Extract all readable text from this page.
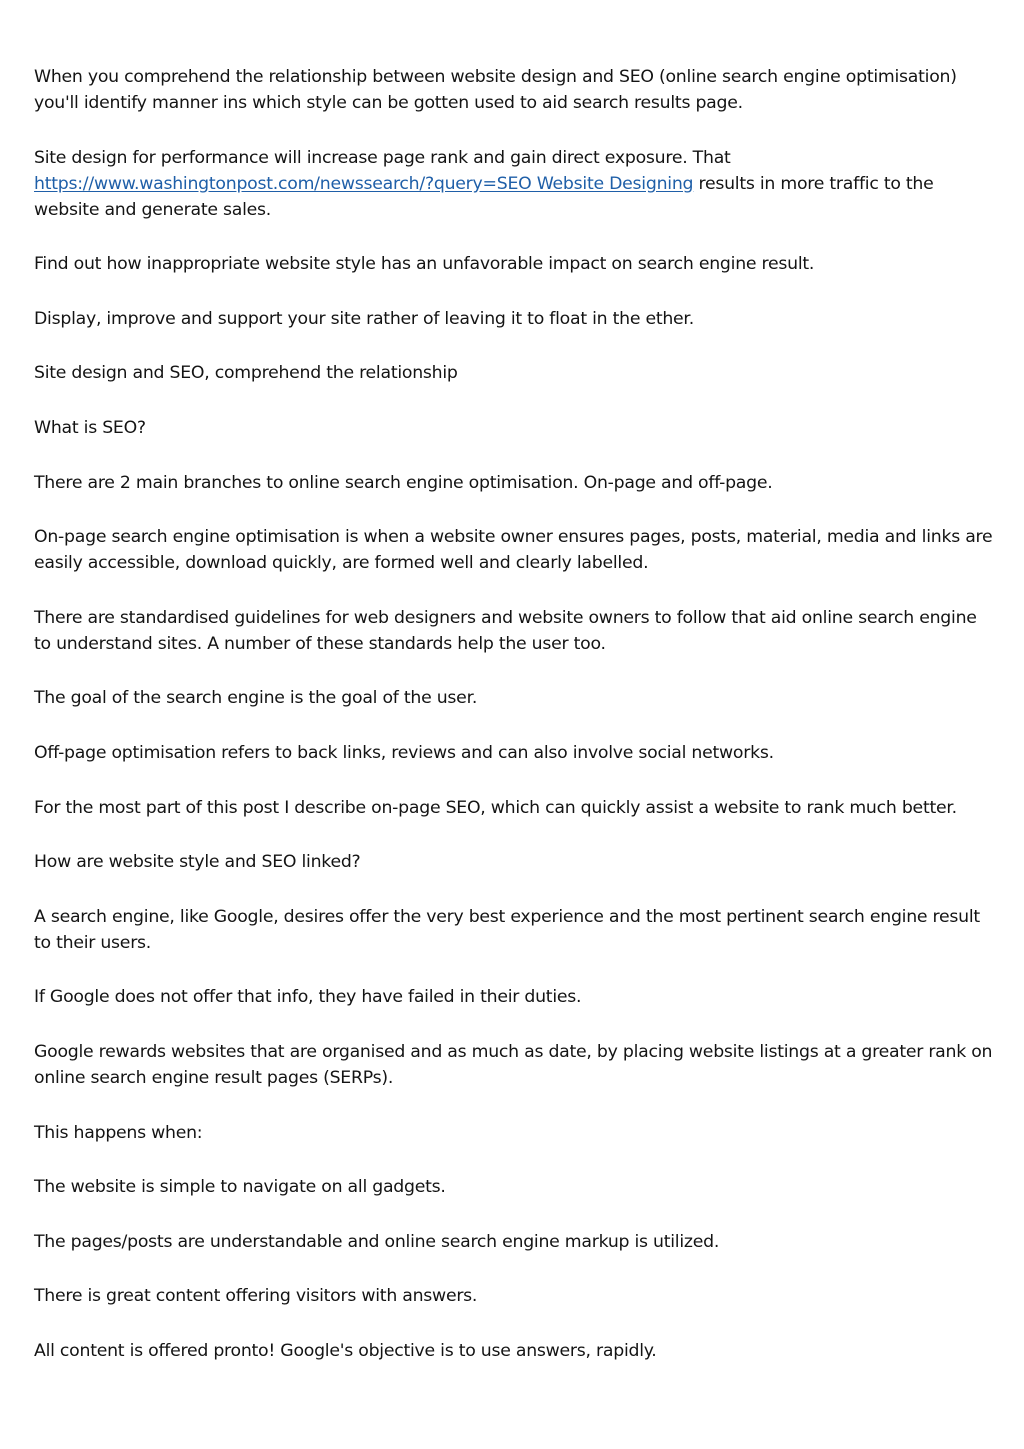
When you comprehend the relationship between website design and SEO (online search engine optimisation) you'll identify manner ins which style can be gotten used to aid search results page.

Site design for performance will increase page rank and gain direct exposure. That https://www.washingtonpost.com/newssearch/?query=SEO Website Designing results in more traffic to the website and generate sales.

Find out how inappropriate website style has an unfavorable impact on search engine result.

Display, improve and support your site rather of leaving it to float in the ether.

Site design and SEO, comprehend the relationship

What is SEO?

There are 2 main branches to online search engine optimisation. On-page and off-page.

On-page search engine optimisation is when a website owner ensures pages, posts, material, media and links are easily accessible, download quickly, are formed well and clearly labelled.

There are standardised guidelines for web designers and website owners to follow that aid online search engine to understand sites. A number of these standards help the user too.

The goal of the search engine is the goal of the user.

Off-page optimisation refers to back links, reviews and can also involve social networks.

For the most part of this post I describe on-page SEO, which can quickly assist a website to rank much better.

How are website style and SEO linked?

A search engine, like Google, desires offer the very best experience and the most pertinent search engine result to their users.

If Google does not offer that info, they have failed in their duties.

Google rewards websites that are organised and as much as date, by placing website listings at a greater rank on online search engine result pages (SERPs).

This happens when:

The website is simple to navigate on all gadgets.

The pages/posts are understandable and online search engine markup is utilized.

There is great content offering visitors with answers.

All content is offered pronto! Google's objective is to use answers, rapidly.
